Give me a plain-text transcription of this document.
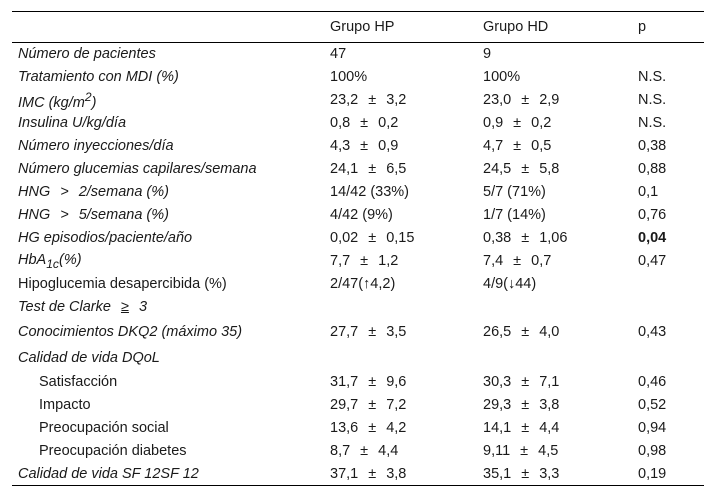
	Grupo HP	Grupo HD	p
Número de pacientes	47	9	
Tratamiento con MDI (%)	100%	100%	N.S.
IMC $(kg/m^2)$	23,2 ± 3,2	23,0 ± 2,9	N.S.
Insulina U/kg/día	0,8 ± 0,2	0,9 ± 0,2	N.S.
Número inyecciones/día	4,3 ± 0,9	4,7 ± 0,5	0,38
Número glucemias capilares/semana	24,1 ± 6,5	24,5 ± 5,8	0,88
HNG > 2/semana (%)	14/42 (33%)	5/7 (71%)	0,1
HNG > 5/semana (%)	4/42 (9%)	1/7 (14%)	0,76
HG episodios/paciente/año	0,02 ± 0,15	0,38 ± 1,06	0,04
HbA$_{1c}$(%)	7,7 ± 1,2	7,4 ± 0,7	0,47
Hipoglucemia desapercibida (%)	2/47(↑4,2)	4/9(↓44)	
Test de Clarke ≥ 3			
Conocimientos DKQ2 (máximo 35)	27,7 ± 3,5	26,5 ± 4,0	0,43
Calidad de vida DQoL			
Satisfacción	31,7 ± 9,6	30,3 ± 7,1	0,46
Impacto	29,7 ± 7,2	29,3 ± 3,8	0,52
Preocupación social	13,6 ± 4,2	14,1 ± 4,4	0,94
Preocupación diabetes	8,7 ± 4,4	9,11 ± 4,5	0,98
Calidad de vida SF 12SF 12	37,1 ± 3,8	35,1 ± 3,3	0,19
